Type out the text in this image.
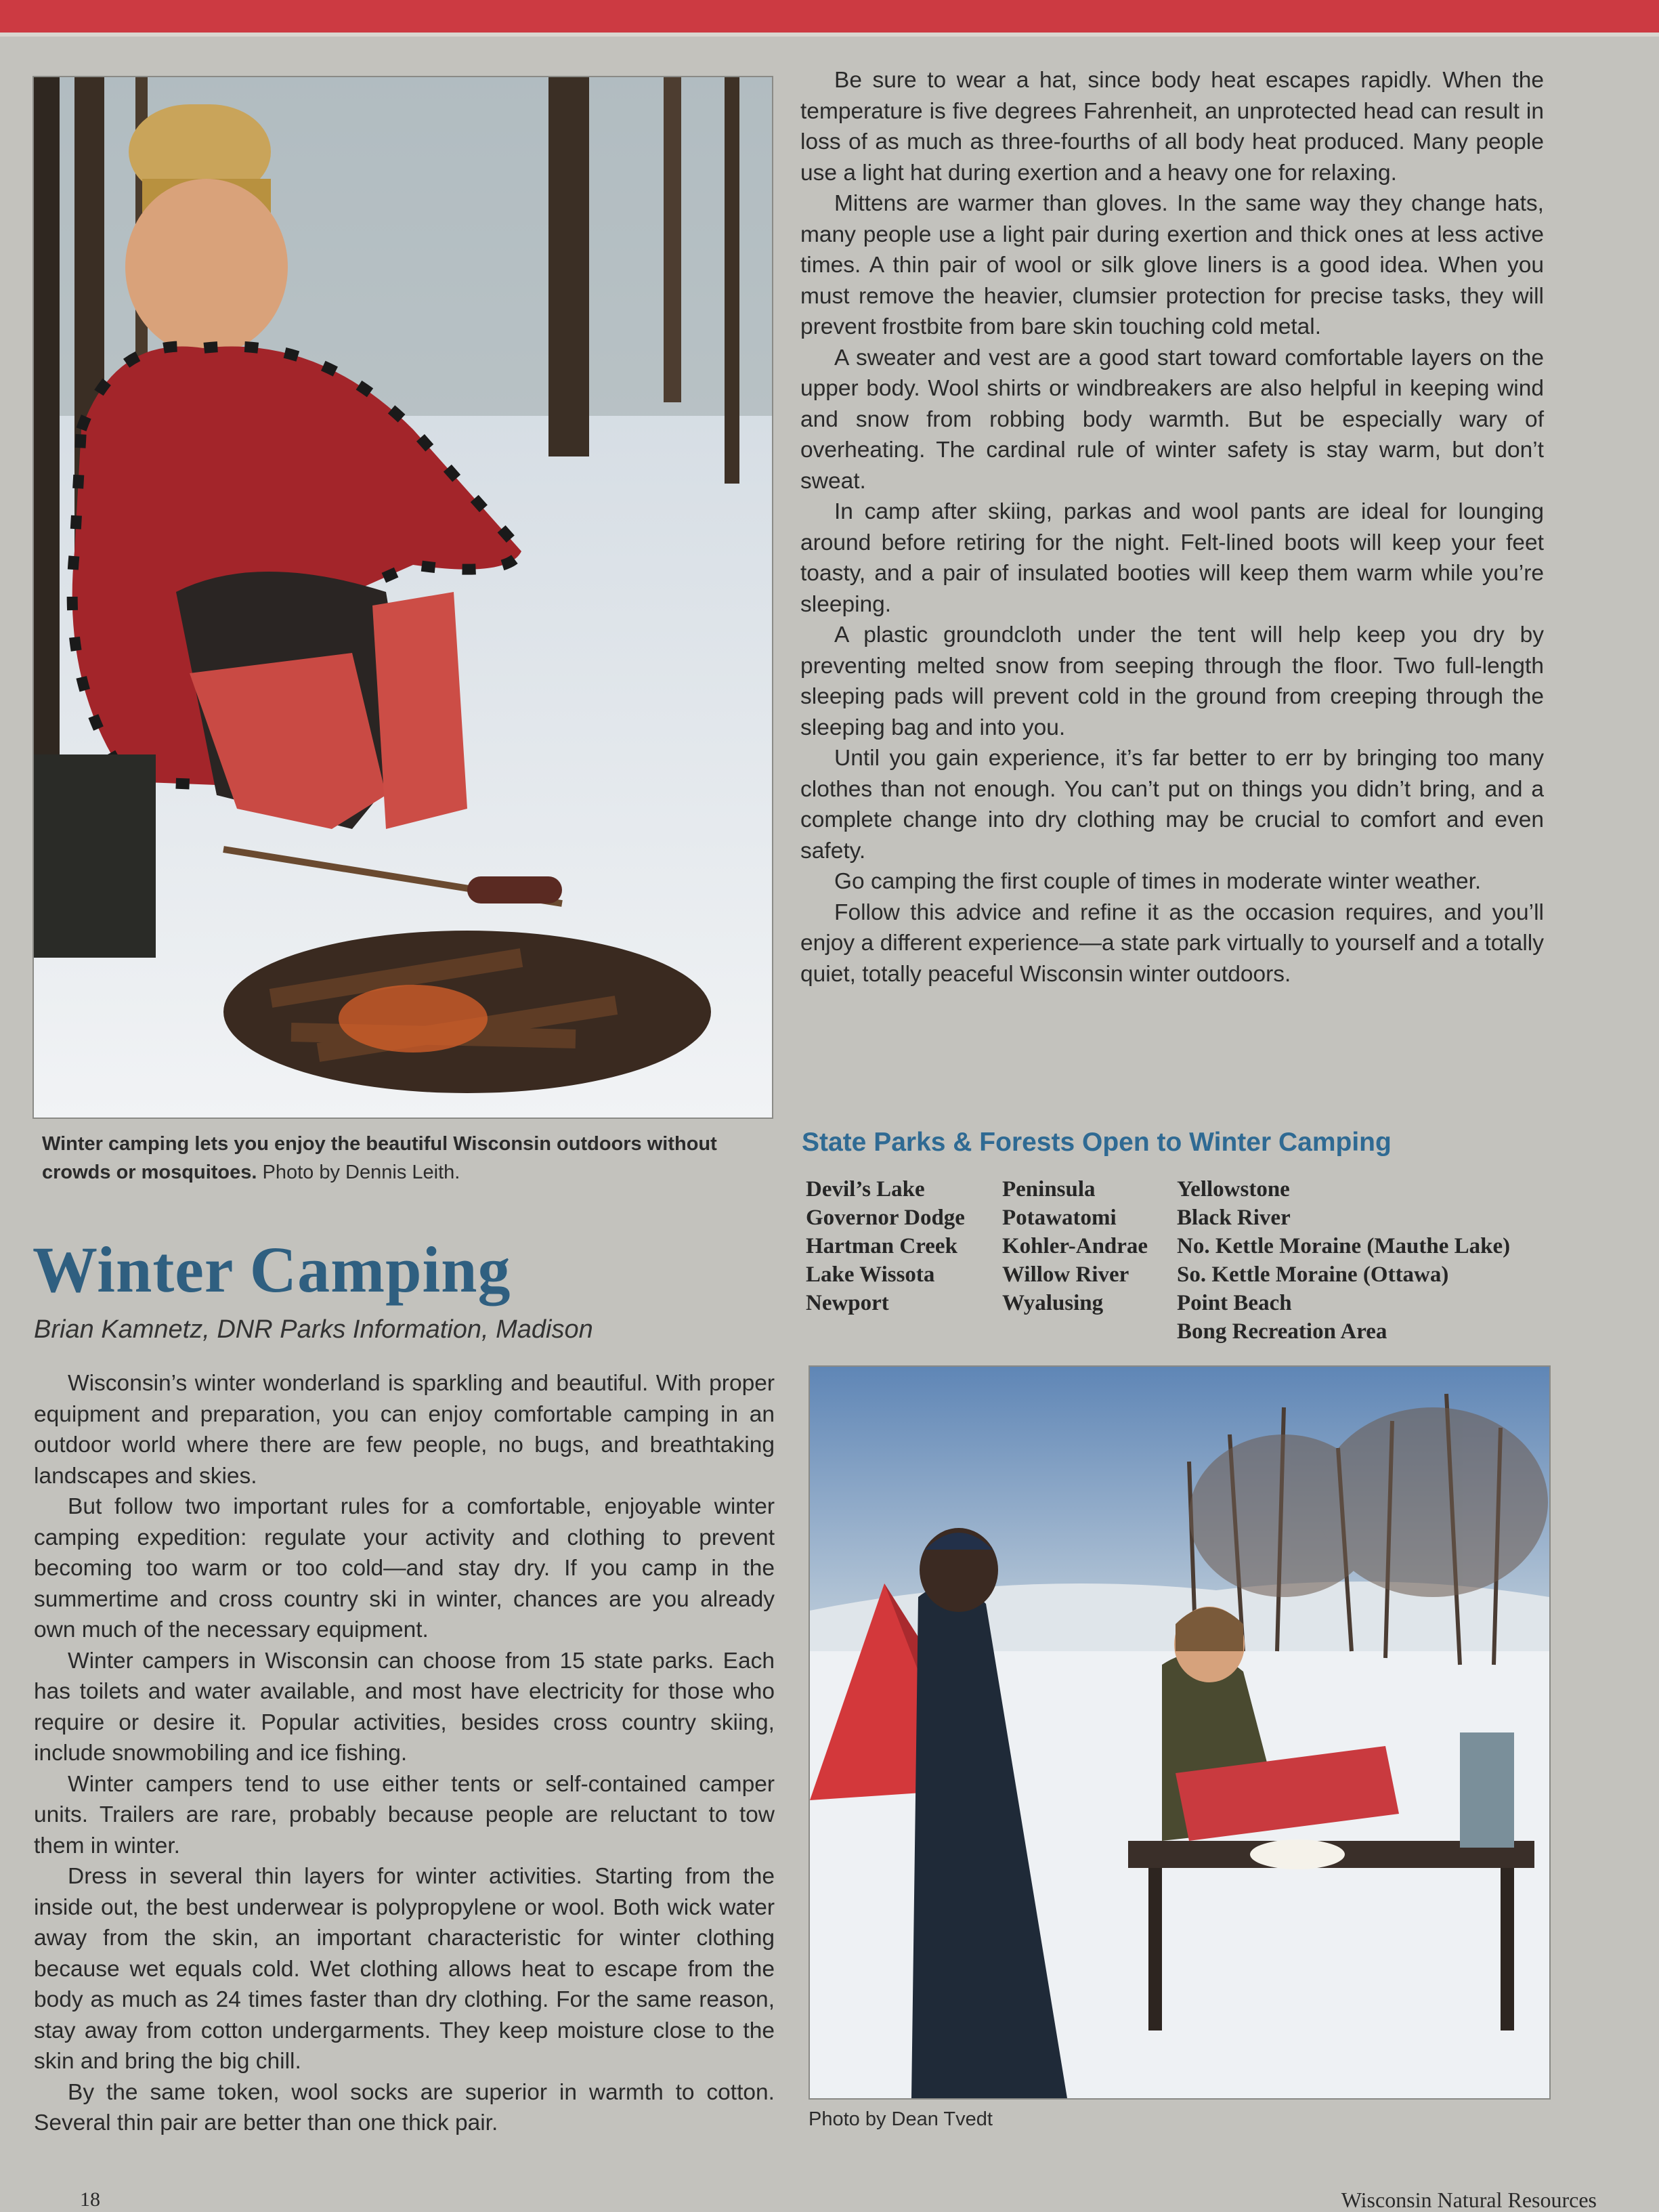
Winter camping lets you enjoy the beautiful Wisconsin outdoors without crowds or mosquitoes. Photo by Dennis Leith.
Winter Camping
Brian Kamnetz, DNR Parks Information, Madison

Wisconsin’s winter wonderland is sparkling and beautiful. With proper equipment and preparation, you can enjoy comfortable camping in an outdoor world where there are few people, no bugs, and breathtaking landscapes and skies.

But follow two important rules for a comfortable, enjoyable winter camping expedition: regulate your activity and clothing to prevent becoming too warm or too cold—and stay dry. If you camp in the summertime and cross country ski in winter, chances are you already own much of the necessary equipment.

Winter campers in Wisconsin can choose from 15 state parks. Each has toilets and water available, and most have electricity for those who require or desire it. Popular activities, besides cross country skiing, include snowmobiling and ice fishing.

Winter campers tend to use either tents or self-contained camper units. Trailers are rare, probably because people are reluctant to tow them in winter.

Dress in several thin layers for winter activities. Starting from the inside out, the best underwear is polypropylene or wool. Both wick water away from the skin, an important characteristic for winter clothing because wet equals cold. Wet clothing allows heat to escape from the body as much as 24 times faster than dry clothing. For the same reason, stay away from cotton undergarments. They keep moisture close to the skin and bring the big chill.

By the same token, wool socks are superior in warmth to cotton. Several thin pair are better than one thick pair.

Be sure to wear a hat, since body heat escapes rapidly. When the temperature is five degrees Fahrenheit, an unprotected head can result in loss of as much as three-fourths of all body heat produced. Many people use a light hat during exertion and a heavy one for relaxing.

Mittens are warmer than gloves. In the same way they change hats, many people use a light pair during exertion and thick ones at less active times. A thin pair of wool or silk glove liners is a good idea. When you must remove the heavier, clumsier protection for precise tasks, they will prevent frostbite from bare skin touching cold metal.

A sweater and vest are a good start toward comfortable layers on the upper body. Wool shirts or windbreakers are also helpful in keeping wind and snow from robbing body warmth. But be especially wary of overheating. The cardinal rule of winter safety is stay warm, but don’t sweat.

In camp after skiing, parkas and wool pants are ideal for lounging around before retiring for the night. Felt-lined boots will keep your feet toasty, and a pair of insulated booties will keep them warm while you’re sleeping.

A plastic groundcloth under the tent will help keep you dry by preventing melted snow from seeping through the floor. Two full-length sleeping pads will prevent cold in the ground from creeping through the sleeping bag and into you.

Until you gain experience, it’s far better to err by bringing too many clothes than not enough. You can’t put on things you didn’t bring, and a complete change into dry clothing may be crucial to comfort and even safety.

Go camping the first couple of times in moderate winter weather.

Follow this advice and refine it as the occasion requires, and you’ll enjoy a different experience—a state park virtually to yourself and a totally quiet, totally peaceful Wisconsin winter outdoors.

State Parks & Forests Open to Winter Camping
Devil’s Lake
Governor Dodge
Hartman Creek
Lake Wissota
Newport
Peninsula
Potawatomi
Kohler-Andrae
Willow River
Wyalusing
Yellowstone
Black River
No. Kettle Moraine (Mauthe Lake)
So. Kettle Moraine (Ottawa)
Point Beach
Bong Recreation Area
Photo by Dean Tvedt
18	Wisconsin Natural Resources
